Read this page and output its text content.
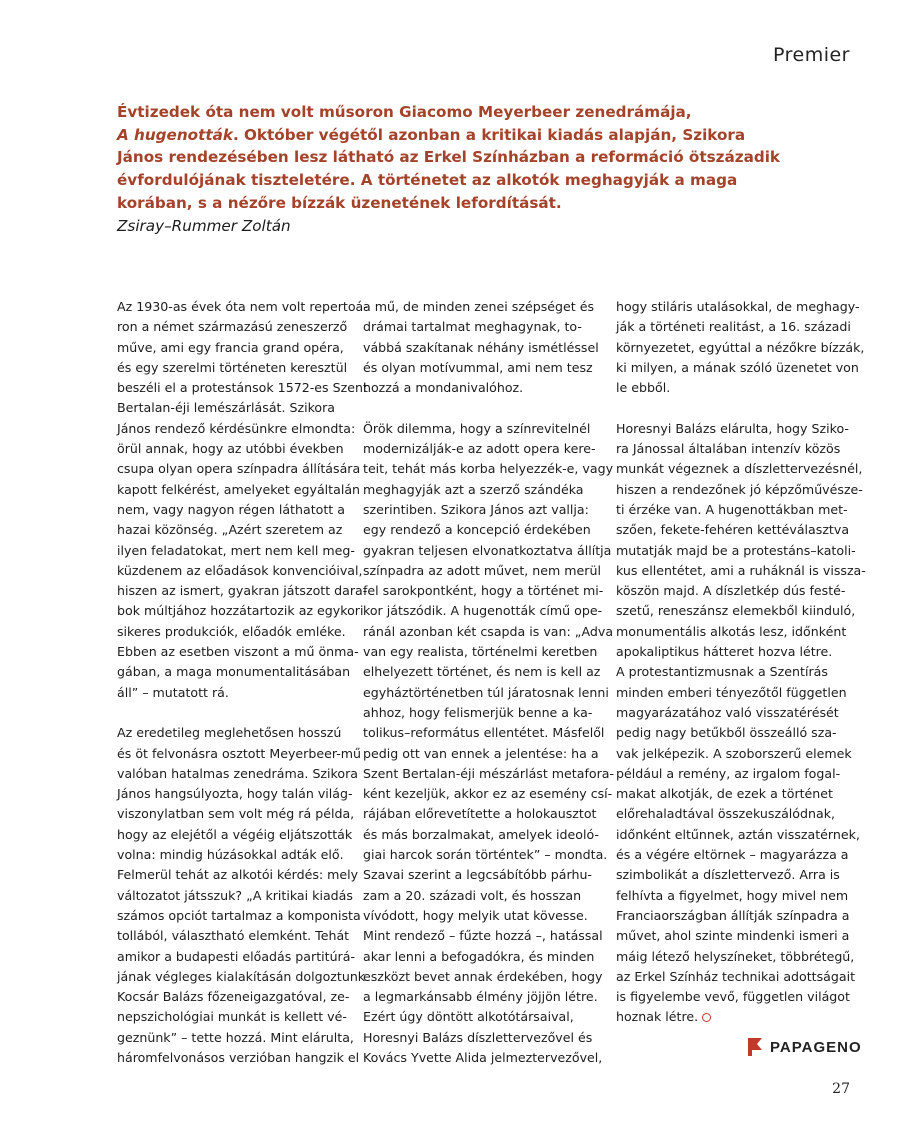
Premier
Évtizedek óta nem volt műsoron Giacomo Meyerbeer zenedrámája,
A hugenották. Október végétől azonban a kritikai kiadás alapján, Szikora
János rendezésében lesz látható az Erkel Színházban a reformáció ötszázadik
évfordulójának tiszteletére. A történetet az alkotók meghagyják a maga
korában, s a nézőre bízzák üzenetének lefordítását.
Zsiray–Rummer Zoltán
Az 1930-as évek óta nem volt repertoá-
ron a német származású zeneszerző
műve, ami egy francia grand opéra,
és egy szerelmi történeten keresztül
beszéli el a protestánsok 1572-es Szent
Bertalan-éji lemészárlását. Szikora
János rendező kérdésünkre elmondta:
örül annak, hogy az utóbbi években
csupa olyan opera színpadra állítására
kapott felkérést, amelyeket egyáltalán
nem, vagy nagyon régen láthatott a
hazai közönség. „Azért szeretem az
ilyen feladatokat, mert nem kell meg-
küzdenem az előadások konvencióival,
hiszen az ismert, gyakran játszott dara-
bok múltjához hozzátartozik az egykori
sikeres produkciók, előadók emléke.
Ebben az esetben viszont a mű önma-
gában, a maga monumentalitásában
áll” – mutatott rá.
Az eredetileg meglehetősen hosszú
és öt felvonásra osztott Meyerbeer-mű
valóban hatalmas zenedráma. Szikora
János hangsúlyozta, hogy talán világ-
viszonylatban sem volt még rá példa,
hogy az elejétől a végéig eljátszották
volna: mindig húzásokkal adták elő.
Felmerül tehát az alkotói kérdés: mely
változatot játsszuk? „A kritikai kiadás
számos opciót tartalmaz a komponista
tollából, választható elemként. Tehát
amikor a budapesti előadás partitúrá-
jának végleges kialakításán dolgoztunk
Kocsár Balázs főzeneigazgatóval, ze-
nepszichológiai munkát is kellett vé-
geznünk” – tette hozzá. Mint elárulta,
háromfelvonásos verzióban hangzik el
a mű, de minden zenei szépséget és
drámai tartalmat meghagynak, to-
vábbá szakítanak néhány ismétléssel
és olyan motívummal, ami nem tesz
hozzá a mondanivalóhoz.
Örök dilemma, hogy a színrevitelnél
modernizálják-e az adott opera kere-
teit, tehát más korba helyezzék-e, vagy
meghagyják azt a szerző szándéka
szerintiben. Szikora János azt vallja:
egy rendező a koncepció érdekében
gyakran teljesen elvonatkoztatva állítja
színpadra az adott művet, nem merül
fel sarokpontként, hogy a történet mi-
kor játszódik. A hugenották című ope-
ránál azonban két csapda is van: „Adva
van egy realista, történelmi keretben
elhelyezett történet, és nem is kell az
egyháztörténetben túl járatosnak lenni
ahhoz, hogy felismerjük benne a ka-
tolikus–református ellentétet. Másfelől
pedig ott van ennek a jelentése: ha a
Szent Bertalan-éji mészárlást metafora-
ként kezeljük, akkor ez az esemény csí-
rájában előrevetítette a holokausztot
és más borzalmakat, amelyek ideoló-
giai harcok során történtek” – mondta.
Szavai szerint a legcsábítóbb párhu-
zam a 20. századi volt, és hosszan
vívódott, hogy melyik utat kövesse.
Mint rendező – fűzte hozzá –, hatással
akar lenni a befogadókra, és minden
eszközt bevet annak érdekében, hogy
a legmarkánsabb élmény jöjjön létre.
Ezért úgy döntött alkotótársaival,
Horesnyi Balázs díszlettervezővel és
Kovács Yvette Alida jelmeztervezővel,
hogy stiláris utalásokkal, de meghagy-
ják a történeti realitást, a 16. századi
környezetet, egyúttal a nézőkre bízzák,
ki milyen, a mának szóló üzenetet von
le ebből.
Horesnyi Balázs elárulta, hogy Sziko-
ra Jánossal általában intenzív közös
munkát végeznek a díszlettervezésnél,
hiszen a rendezőnek jó képzőművésze-
ti érzéke van. A hugenottákban met-
szően, fekete-fehéren kettéválasztva
mutatják majd be a protestáns–katoli-
kus ellentétet, ami a ruháknál is vissza-
köszön majd. A díszletkép dús festé-
szetű, reneszánsz elemekből kiinduló,
monumentális alkotás lesz, időnként
apokaliptikus hátteret hozva létre.
A protestantizmusnak a Szentírás
minden emberi tényezőtől független
magyarázatához való visszatérését
pedig nagy betűkből összeálló sza-
vak jelképezik. A szoborszerű elemek
például a remény, az irgalom fogal-
makat alkotják, de ezek a történet
előrehaladtával összekuszálódnak,
időnként eltűnnek, aztán visszatérnek,
és a végére eltörnek – magyarázza a
szimbolikát a díszlettervező. Arra is
felhívta a figyelmet, hogy mivel nem
Franciaországban állítják színpadra a
művet, ahol szinte mindenki ismeri a
máig létező helyszíneket, többrétegű,
az Erkel Színház technikai adottságait
is figyelembe vevő, független világot
hoznak létre.
PAPAGENO
27
